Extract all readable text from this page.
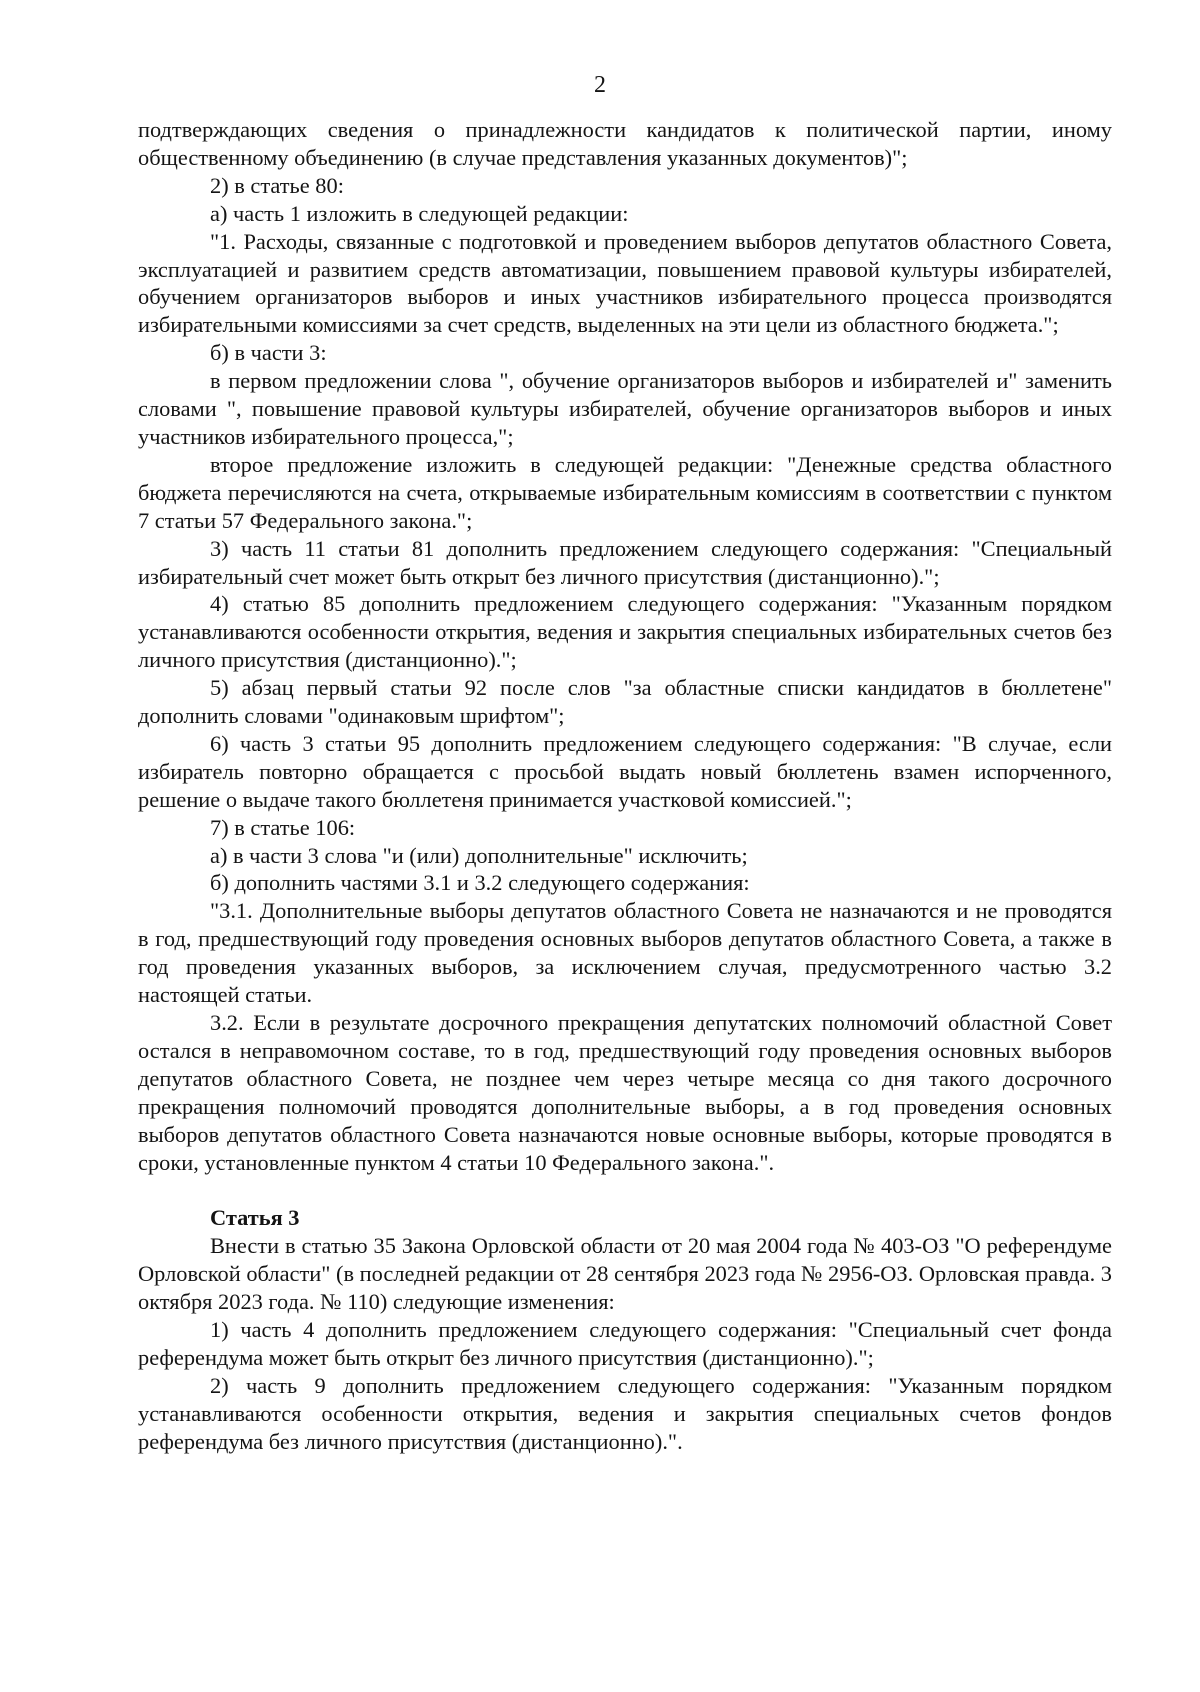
2

подтверждающих сведения о принадлежности кандидатов к политической партии, иному общественному объединению (в случае представления указанных документов)";

2) в статье 80:

а) часть 1 изложить в следующей редакции:

"1. Расходы, связанные с подготовкой и проведением выборов депутатов областного Совета, эксплуатацией и развитием средств автоматизации, повышением правовой культуры избирателей, обучением организаторов выборов и иных участников избирательного процесса производятся избирательными комиссиями за счет средств, выделенных на эти цели из областного бюджета.";

б) в части 3:

в первом предложении слова ", обучение организаторов выборов и избирателей и" заменить словами ", повышение правовой культуры избирателей, обучение организаторов выборов и иных участников избирательного процесса,";

второе предложение изложить в следующей редакции: "Денежные средства областного бюджета перечисляются на счета, открываемые избирательным комиссиям в соответствии с пунктом 7 статьи 57 Федерального закона.";

3) часть 11 статьи 81 дополнить предложением следующего содержания: "Специальный избирательный счет может быть открыт без личного присутствия (дистанционно).";

4) статью 85 дополнить предложением следующего содержания: "Указанным порядком устанавливаются особенности открытия, ведения и закрытия специальных избирательных счетов без личного присутствия (дистанционно).";

5) абзац первый статьи 92 после слов "за областные списки кандидатов в бюллетене" дополнить словами "одинаковым шрифтом";

6) часть 3 статьи 95 дополнить предложением следующего содержания: "В случае, если избиратель повторно обращается с просьбой выдать новый бюллетень взамен испорченного, решение о выдаче такого бюллетеня принимается участковой комиссией.";

7) в статье 106:

а) в части 3 слова "и (или) дополнительные" исключить;

б) дополнить частями 3.1 и 3.2 следующего содержания:

"3.1. Дополнительные выборы депутатов областного Совета не назначаются и не проводятся в год, предшествующий году проведения основных выборов депутатов областного Совета, а также в год проведения указанных выборов, за исключением случая, предусмотренного частью 3.2 настоящей статьи.

3.2. Если в результате досрочного прекращения депутатских полномочий областной Совет остался в неправомочном составе, то в год, предшествующий году проведения основных выборов депутатов областного Совета, не позднее чем через четыре месяца со дня такого досрочного прекращения полномочий проводятся дополнительные выборы, а в год проведения основных выборов депутатов областного Совета назначаются новые основные выборы, которые проводятся в сроки, установленные пунктом 4 статьи 10 Федерального закона.".

Статья 3

Внести в статью 35 Закона Орловской области от 20 мая 2004 года № 403-ОЗ "О референдуме Орловской области" (в последней редакции от 28 сентября 2023 года № 2956-ОЗ. Орловская правда. 3 октября 2023 года. № 110) следующие изменения:

1) часть 4 дополнить предложением следующего содержания: "Специальный счет фонда референдума может быть открыт без личного присутствия (дистанционно).";

2) часть 9 дополнить предложением следующего содержания: "Указанным порядком устанавливаются особенности открытия, ведения и закрытия специальных счетов фондов референдума без личного присутствия (дистанционно).".
